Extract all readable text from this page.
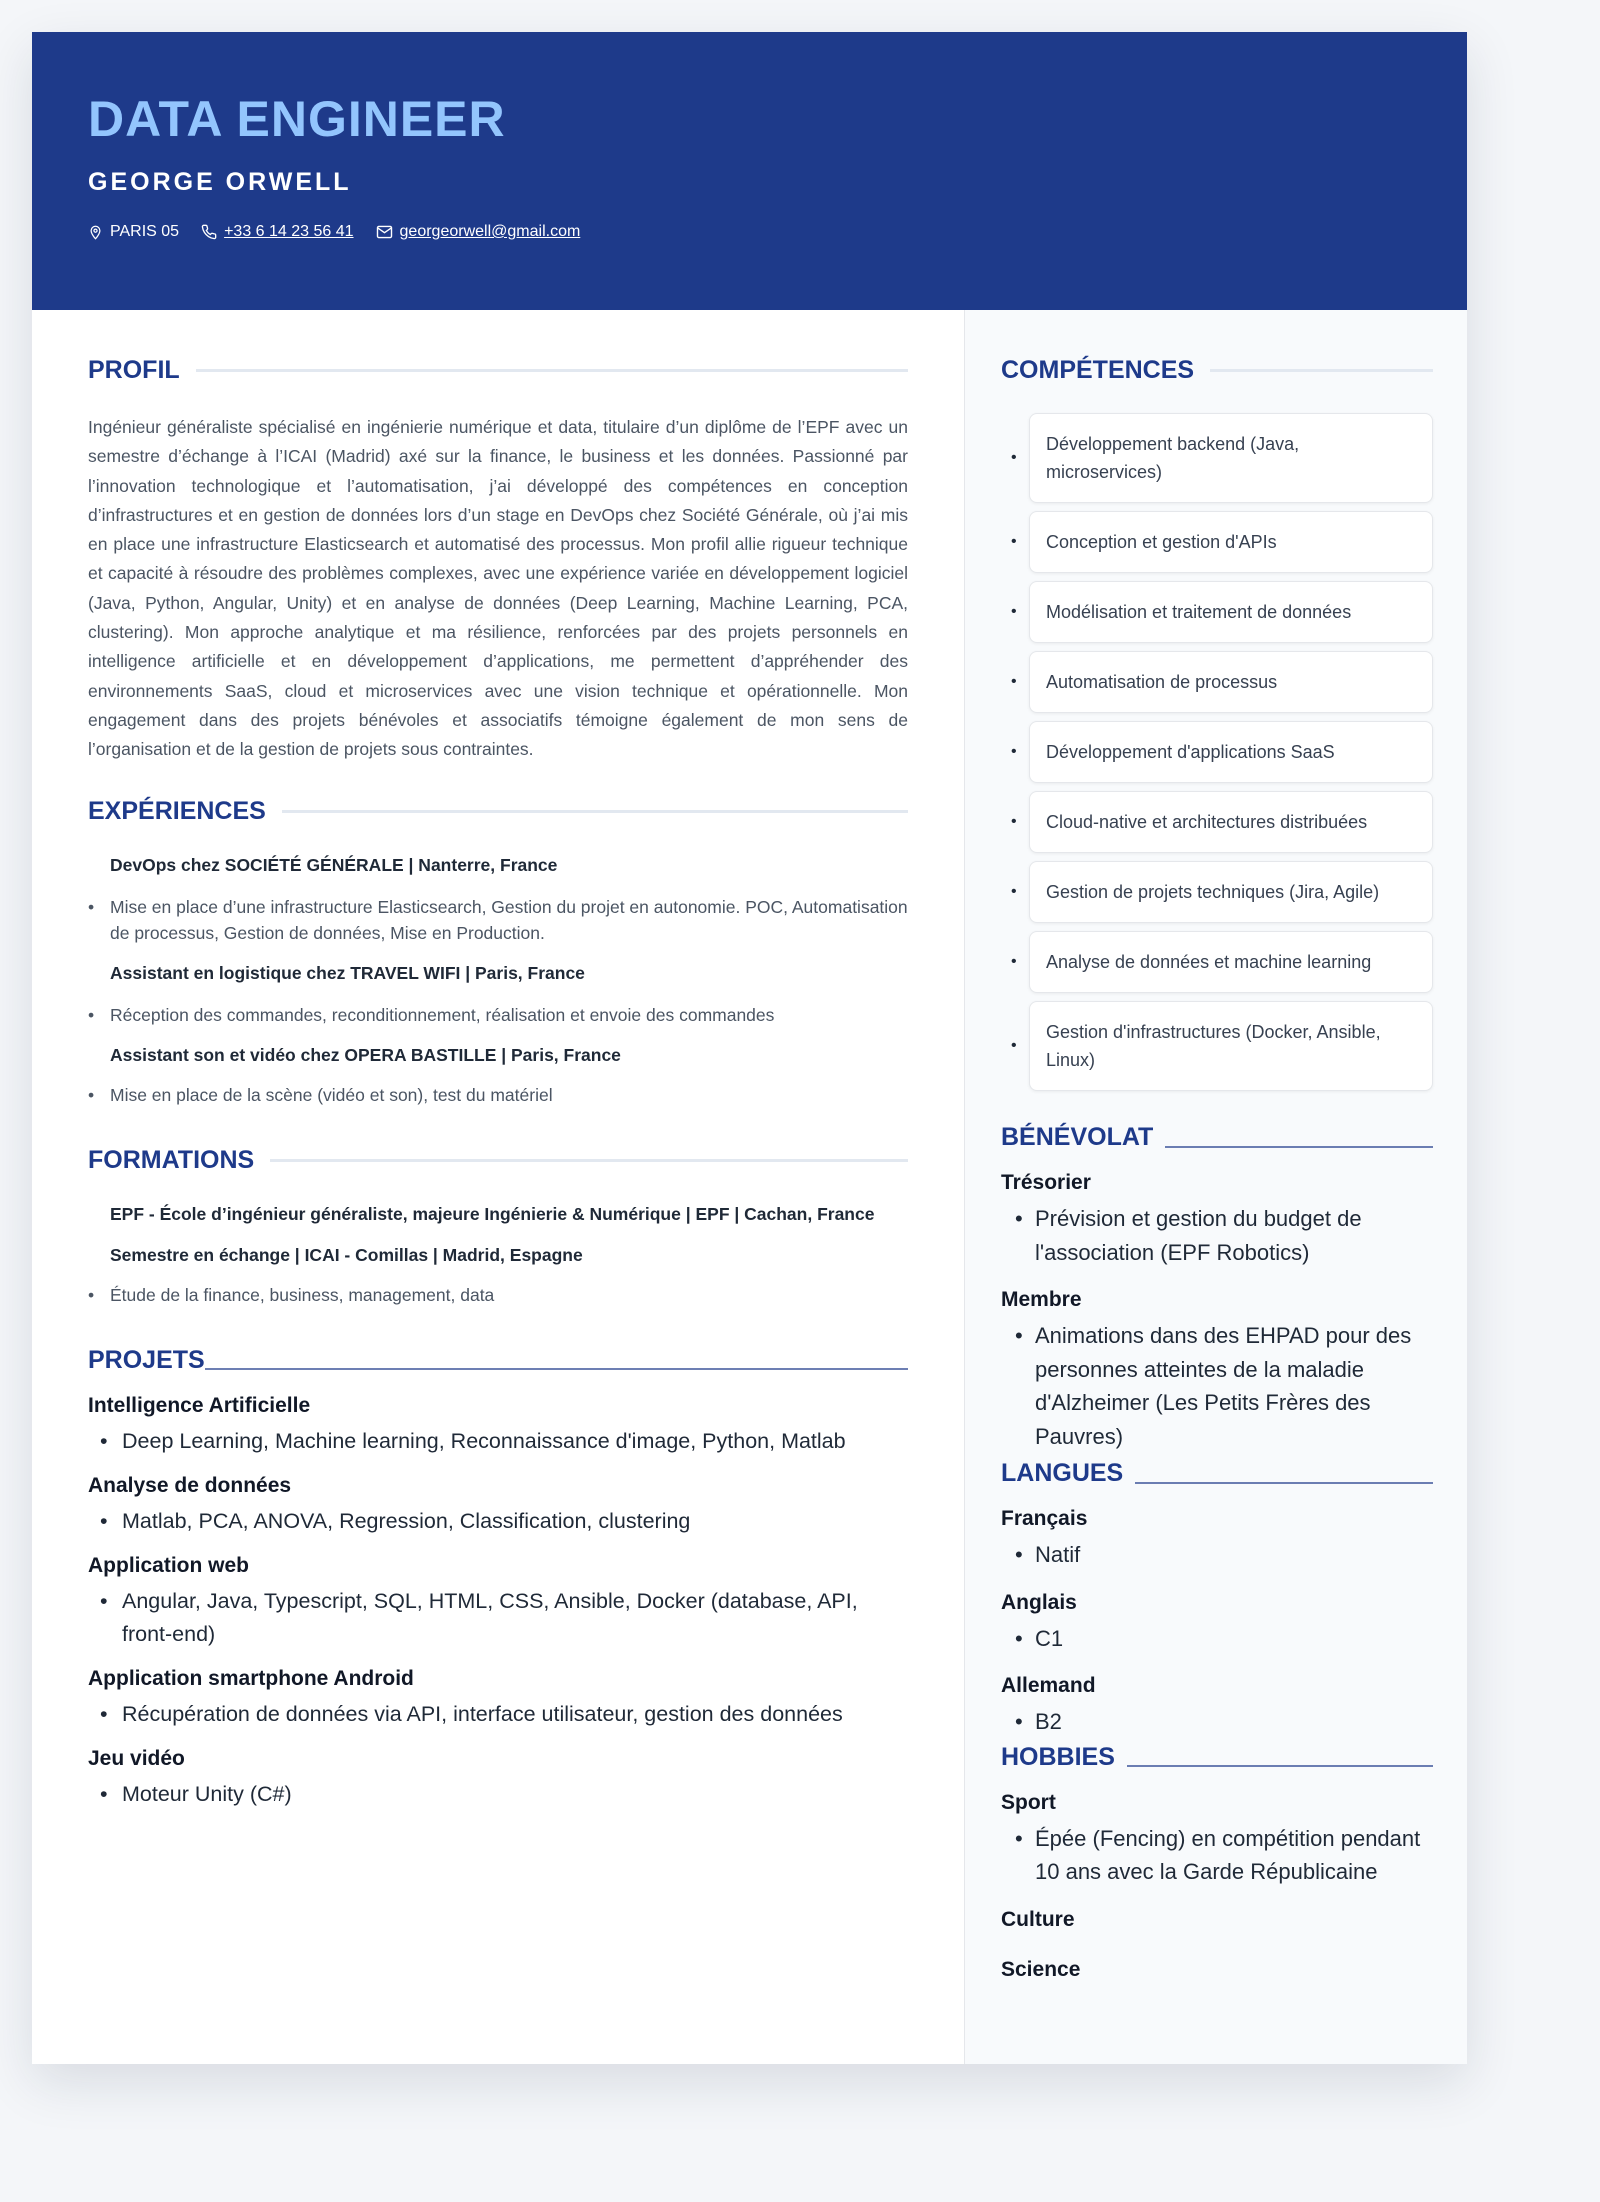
DATA ENGINEER
GEORGE ORWELL
PARIS 05	+33 6 14 23 56 41	georgeorwell@gmail.com
PROFIL

Ingénieur généraliste spécialisé en ingénierie numérique et data, titulaire d’un diplôme de l’EPF avec un semestre d’échange à l’ICAI (Madrid) axé sur la finance, le business et les données. Passionné par l’innovation technologique et l’automatisation, j’ai développé des compétences en conception d’infrastructures et en gestion de données lors d’un stage en DevOps chez Société Générale, où j’ai mis en place une infrastructure Elasticsearch et automatisé des processus. Mon profil allie rigueur technique et capacité à résoudre des problèmes complexes, avec une expérience variée en développement logiciel (Java, Python, Angular, Unity) et en analyse de données (Deep Learning, Machine Learning, PCA, clustering). Mon approche analytique et ma résilience, renforcées par des projets personnels en intelligence artificielle et en développement d’applications, me permettent d’appréhender des environnements SaaS, cloud et microservices avec une vision technique et opérationnelle. Mon engagement dans des projets bénévoles et associatifs témoigne également de mon sens de l’organisation et de la gestion de projets sous contraintes.

EXPÉRIENCES
DevOps chez SOCIÉTÉ GÉNÉRALE | Nanterre, France
• Mise en place d’une infrastructure Elasticsearch, Gestion du projet en autonomie. POC, Automatisation de processus, Gestion de données, Mise en Production.
Assistant en logistique chez TRAVEL WIFI | Paris, France
• Réception des commandes, reconditionnement, réalisation et envoie des commandes
Assistant son et vidéo chez OPERA BASTILLE | Paris, France
• Mise en place de la scène (vidéo et son), test du matériel
FORMATIONS
EPF - École d’ingénieur généraliste, majeure Ingénierie & Numérique | EPF | Cachan, France
Semestre en échange | ICAI - Comillas | Madrid, Espagne
• Étude de la finance, business, management, data
PROJETS
Intelligence Artificielle
• Deep Learning, Machine learning, Reconnaissance d'image, Python, Matlab
Analyse de données
• Matlab, PCA, ANOVA, Regression, Classification, clustering
Application web
• Angular, Java, Typescript, SQL, HTML, CSS, Ansible, Docker (database, API, front-end)
Application smartphone Android
• Récupération de données via API, interface utilisateur, gestion des données
Jeu vidéo
• Moteur Unity (C#)
COMPÉTENCES
•
Développement backend (Java, microservices)
•	Conception et gestion d'APIs
•	Modélisation et traitement de données
•	Automatisation de processus
•	Développement d'applications SaaS
•	Cloud-native et architectures distribuées
•	Gestion de projets techniques (Jira, Agile)
•	Analyse de données et machine learning
•
Gestion d'infrastructures (Docker, Ansible, Linux)
BÉNÉVOLAT
Trésorier
• Prévision et gestion du budget de l'association (EPF Robotics)
Membre
• Animations dans des EHPAD pour des personnes atteintes de la maladie d'Alzheimer (Les Petits Frères des Pauvres)
LANGUES
Français
• Natif
Anglais
• C1
Allemand
• B2
HOBBIES
Sport
• Épée (Fencing) en compétition pendant 10 ans avec la Garde Républicaine
Culture
Science
